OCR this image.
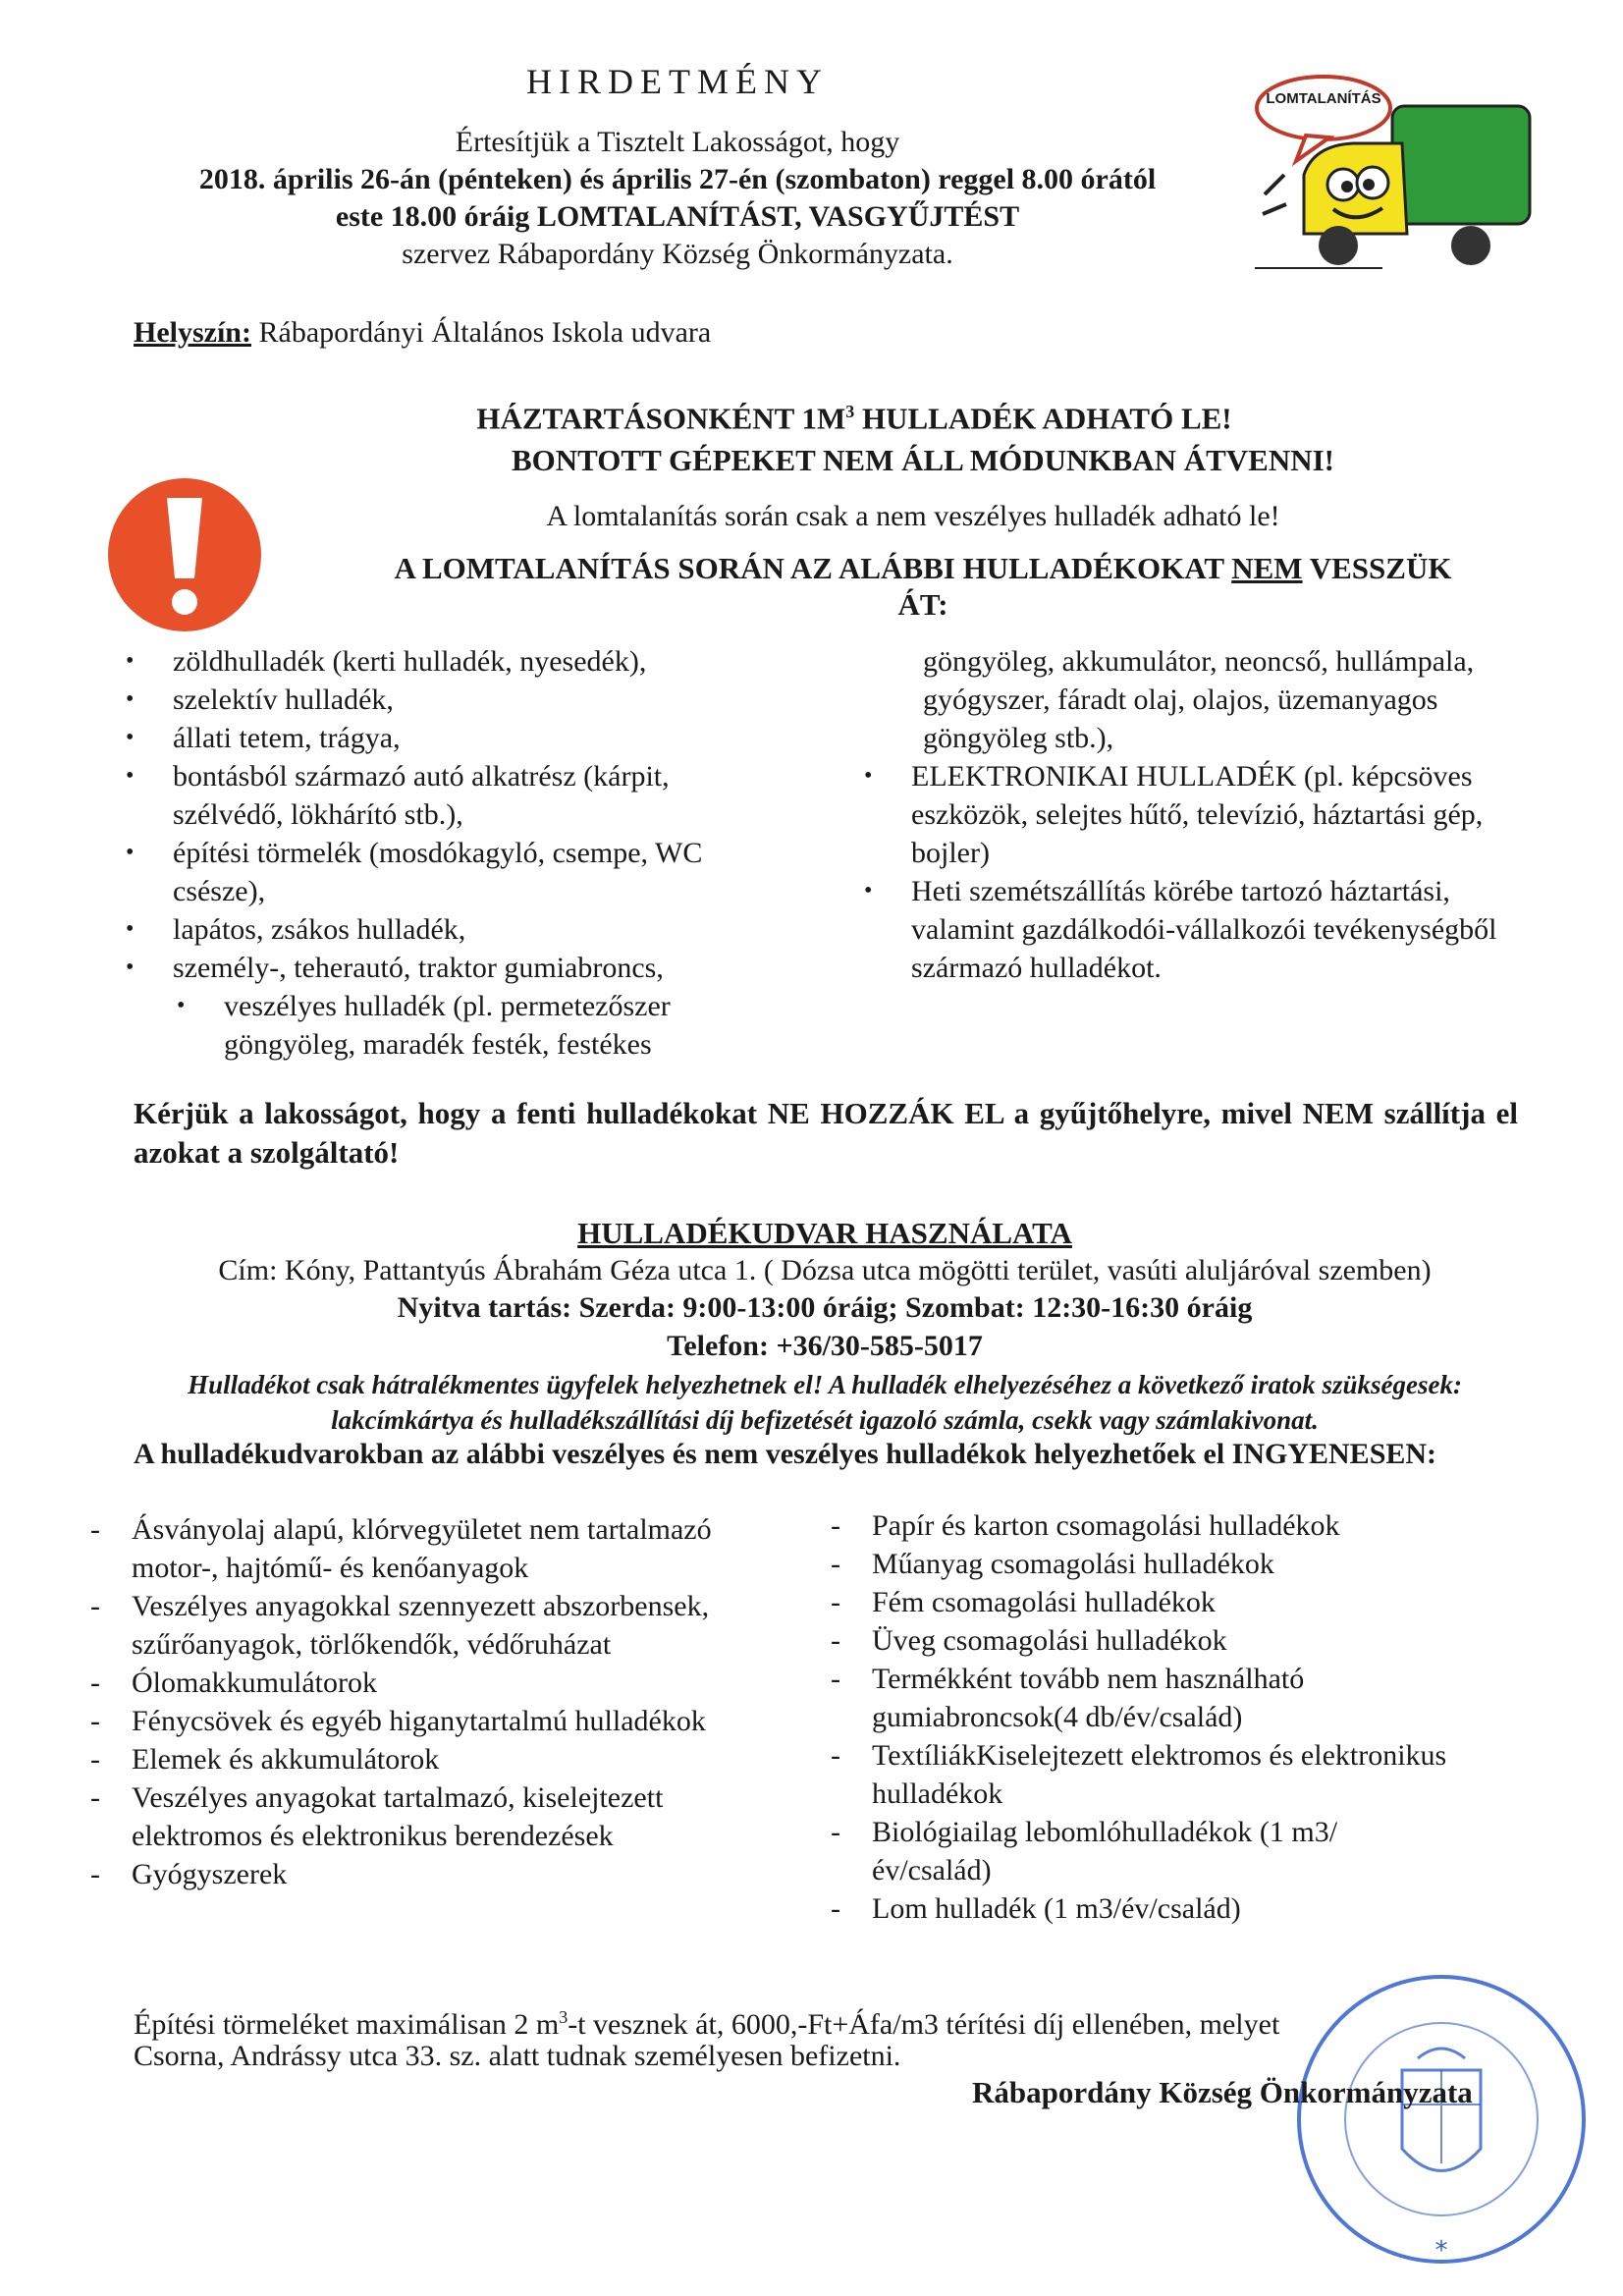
HIRDETMÉNY
Értesítjük a Tisztelt Lakosságot, hogy
2018. április 26-án (pénteken) és április 27-én (szombaton) reggel 8.00 órától
este 18.00 óráig LOMTALANÍTÁST, VASGYŰJTÉST
szervez Rábapordány Község Önkormányzata.
LOMTALANÍTÁS
Helyszín: Rábapordányi Általános Iskola udvara
HÁZTARTÁSONKÉNT $1M^3$ HULLADÉK ADHATÓ LE!
BONTOTT GÉPEKET NEM ÁLL MÓDUNKBAN ÁTVENNI!
A lomtalanítás során csak a nem veszélyes hulladék adható le!
A LOMTALANÍTÁS SORÁN AZ ALÁBBI HULLADÉKOKAT NEM VESSZÜK
ÁT:
• zöldhulladék (kerti hulladék, nyesedék),
• szelektív hulladék,
• állati tetem, trágya,
• bontásból származó autó alkatrész (kárpit, szélvédő, lökhárító stb.),
• építési törmelék (mosdókagyló, csempe, WC csésze),
• lapátos, zsákos hulladék,
• személy-, teherautó, traktor gumiabroncs,
• veszélyes hulladék (pl. permetezőszer göngyöleg, maradék festék, festékes
göngyöleg, akkumulátor, neoncső, hullámpala, gyógyszer, fáradt olaj, olajos, üzemanyagos göngyöleg stb.),
• ELEKTRONIKAI HULLADÉK (pl. képcsöves eszközök, selejtes hűtő, televízió, háztartási gép, bojler)
• Heti szemétszállítás körébe tartozó háztartási, valamint gazdálkodói-vállalkozói tevékenységből származó hulladékot.
Kérjük a lakosságot, hogy a fenti hulladékokat NE HOZZÁK EL a gyűjtőhelyre, mivel NEM szállítja el azokat a szolgáltató!
HULLADÉKUDVAR HASZNÁLATA
Cím: Kóny, Pattantyús Ábrahám Géza utca 1. ( Dózsa utca mögötti terület, vasúti aluljáróval szemben)
Nyitva tartás: Szerda: 9:00-13:00 óráig; Szombat: 12:30-16:30 óráig
Telefon: +36/30-585-5017
Hulladékot csak hátralékmentes ügyfelek helyezhetnek el! A hulladék elhelyezéséhez a következő iratok szükségesek: lakcímkártya és hulladékszállítási díj befizetését igazoló számla, csekk vagy számlakivonat.
A hulladékudvarokban az alábbi veszélyes és nem veszélyes hulladékok helyezhetőek el INGYENESEN:
- Ásványolaj alapú, klórvegyületet nem tartalmazó motor-, hajtómű- és kenőanyagok
- Veszélyes anyagokkal szennyezett abszorbensek, szűrőanyagok, törlőkendők, védőruházat
- Ólomakkumulátorok
- Fénycsövek és egyéb higanytartalmú hulladékok
- Elemek és akkumulátorok
- Veszélyes anyagokat tartalmazó, kiselejtezett elektromos és elektronikus berendezések
- Gyógyszerek
- Papír és karton csomagolási hulladékok
- Műanyag csomagolási hulladékok
- Fém csomagolási hulladékok
- Üveg csomagolási hulladékok
- Termékként tovább nem használható gumiabroncsok(4 db/év/család)
- TextíliákKiselejtezett elektromos és elektronikus hulladékok
- Biológiailag lebomlóhulladékok (1 m3/év/család)
- Lom hulladék (1 m3/év/család)
Építési törmeléket maximálisan 2 $m^3-t$ vesznek át, 6000,-Ft+Áfa/m3 térítési díj ellenében, melyet
Csorna, Andrássy utca 33. sz. alatt tudnak személyesen befizetni.
*
Rábapordány Község Önkormányzata
